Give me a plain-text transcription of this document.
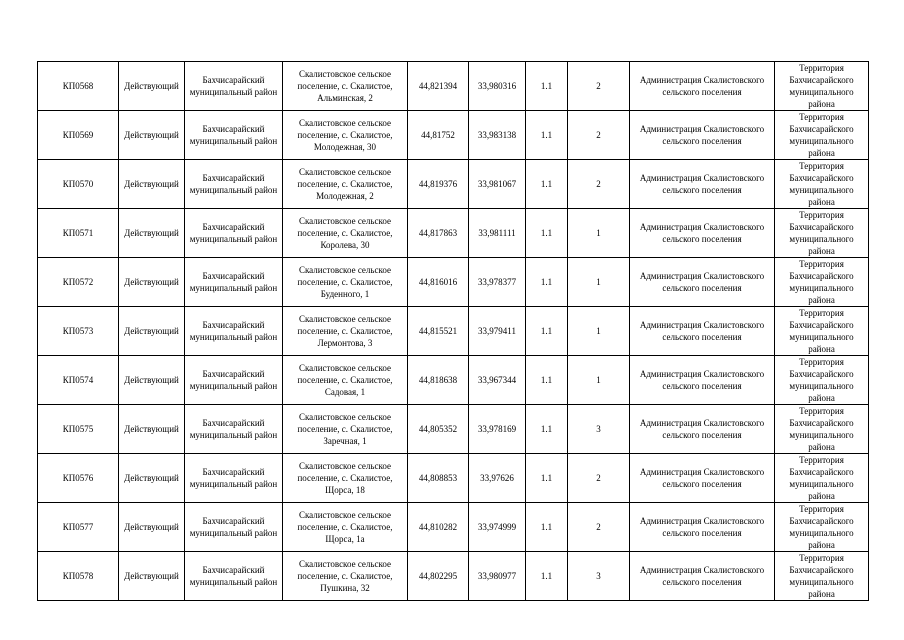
КП0568	Действующий	Бахчисарайский
муниципальный район	Скалистовское сельское
поселение, с. Скалистое,
Альминская, 2	44,821394	33,980316	1.1	2	Администрация Скалистовского
сельского поселения	Территория
Бахчисарайского
муниципального
района

КП0569	Действующий	Бахчисарайский
муниципальный район	Скалистовское сельское
поселение, с. Скалистое,
Молодежная, 30	44,81752	33,983138	1.1	2	Администрация Скалистовского
сельского поселения	Территория
Бахчисарайского
муниципального
района

КП0570	Действующий	Бахчисарайский
муниципальный район	Скалистовское сельское
поселение, с. Скалистое,
Молодежная, 2	44,819376	33,981067	1.1	2	Администрация Скалистовского
сельского поселения	Территория
Бахчисарайского
муниципального
района

КП0571	Действующий	Бахчисарайский
муниципальный район	Скалистовское сельское
поселение, с. Скалистое,
Королева, 30	44,817863	33,981111	1.1	1	Администрация Скалистовского
сельского поселения	Территория
Бахчисарайского
муниципального
района

КП0572	Действующий	Бахчисарайский
муниципальный район	Скалистовское сельское
поселение, с. Скалистое,
Буденного, 1	44,816016	33,978377	1.1	1	Администрация Скалистовского
сельского поселения	Территория
Бахчисарайского
муниципального
района

КП0573	Действующий	Бахчисарайский
муниципальный район	Скалистовское сельское
поселение, с. Скалистое,
Лермонтова, 3	44,815521	33,979411	1.1	1	Администрация Скалистовского
сельского поселения	Территория
Бахчисарайского
муниципального
района

КП0574	Действующий	Бахчисарайский
муниципальный район	Скалистовское сельское
поселение, с. Скалистое,
Садовая, 1	44,818638	33,967344	1.1	1	Администрация Скалистовского
сельского поселения	Территория
Бахчисарайского
муниципального
района

КП0575	Действующий	Бахчисарайский
муниципальный район	Скалистовское сельское
поселение, с. Скалистое,
Заречная, 1	44,805352	33,978169	1.1	3	Администрация Скалистовского
сельского поселения	Территория
Бахчисарайского
муниципального
района

КП0576	Действующий	Бахчисарайский
муниципальный район	Скалистовское сельское
поселение, с. Скалистое,
Щорса, 18	44,808853	33,97626	1.1	2	Администрация Скалистовского
сельского поселения	Территория
Бахчисарайского
муниципального
района

КП0577	Действующий	Бахчисарайский
муниципальный район	Скалистовское сельское
поселение, с. Скалистое,
Щорса, 1а	44,810282	33,974999	1.1	2	Администрация Скалистовского
сельского поселения	Территория
Бахчисарайского
муниципального
района

КП0578	Действующий	Бахчисарайский
муниципальный район	Скалистовское сельское
поселение, с. Скалистое,
Пушкина, 32	44,802295	33,980977	1.1	3	Администрация Скалистовского
сельского поселения	Территория
Бахчисарайского
муниципального
района
